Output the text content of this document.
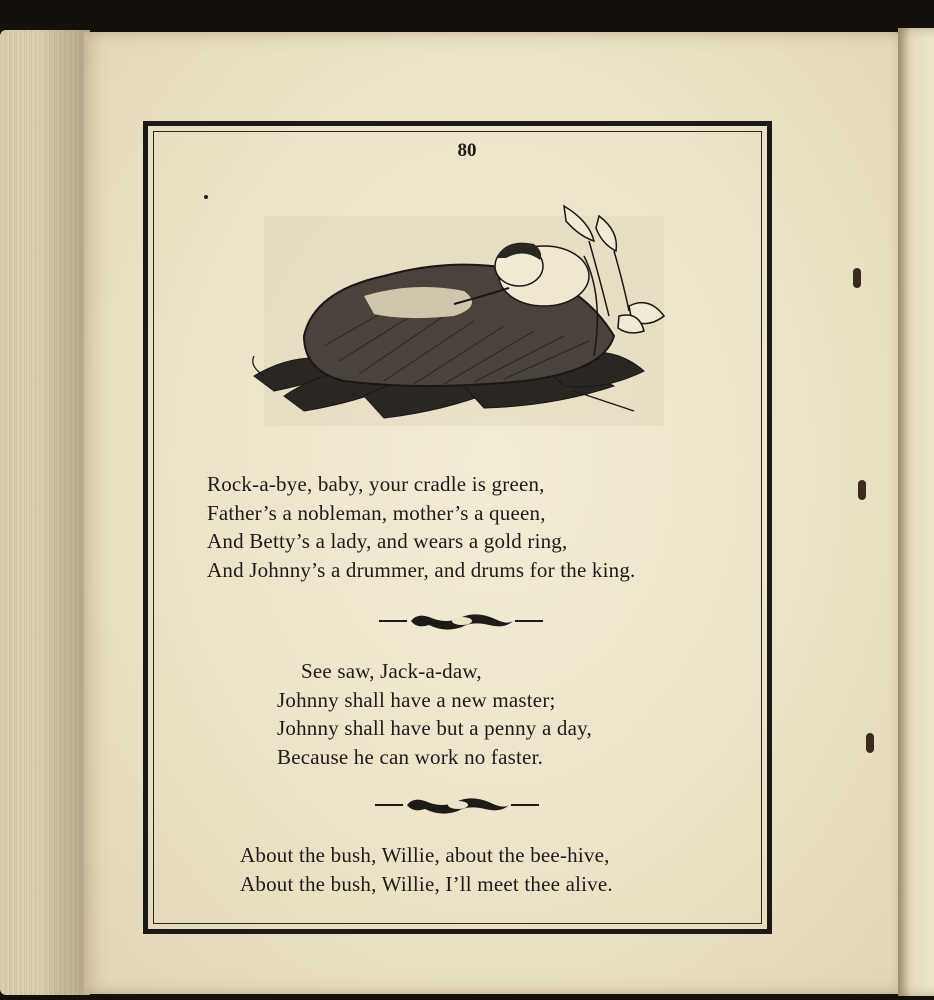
80
Rock-a-bye, baby, your cradle is green,
Father’s a nobleman, mother’s a queen,
And Betty’s a lady, and wears a gold ring,
And Johnny’s a drummer, and drums for the king.
See saw, Jack-a-daw,
Johnny shall have a new master;
Johnny shall have but a penny a day,
Because he can work no faster.
About the bush, Willie, about the bee-hive,
About the bush, Willie, I’ll meet thee alive.
